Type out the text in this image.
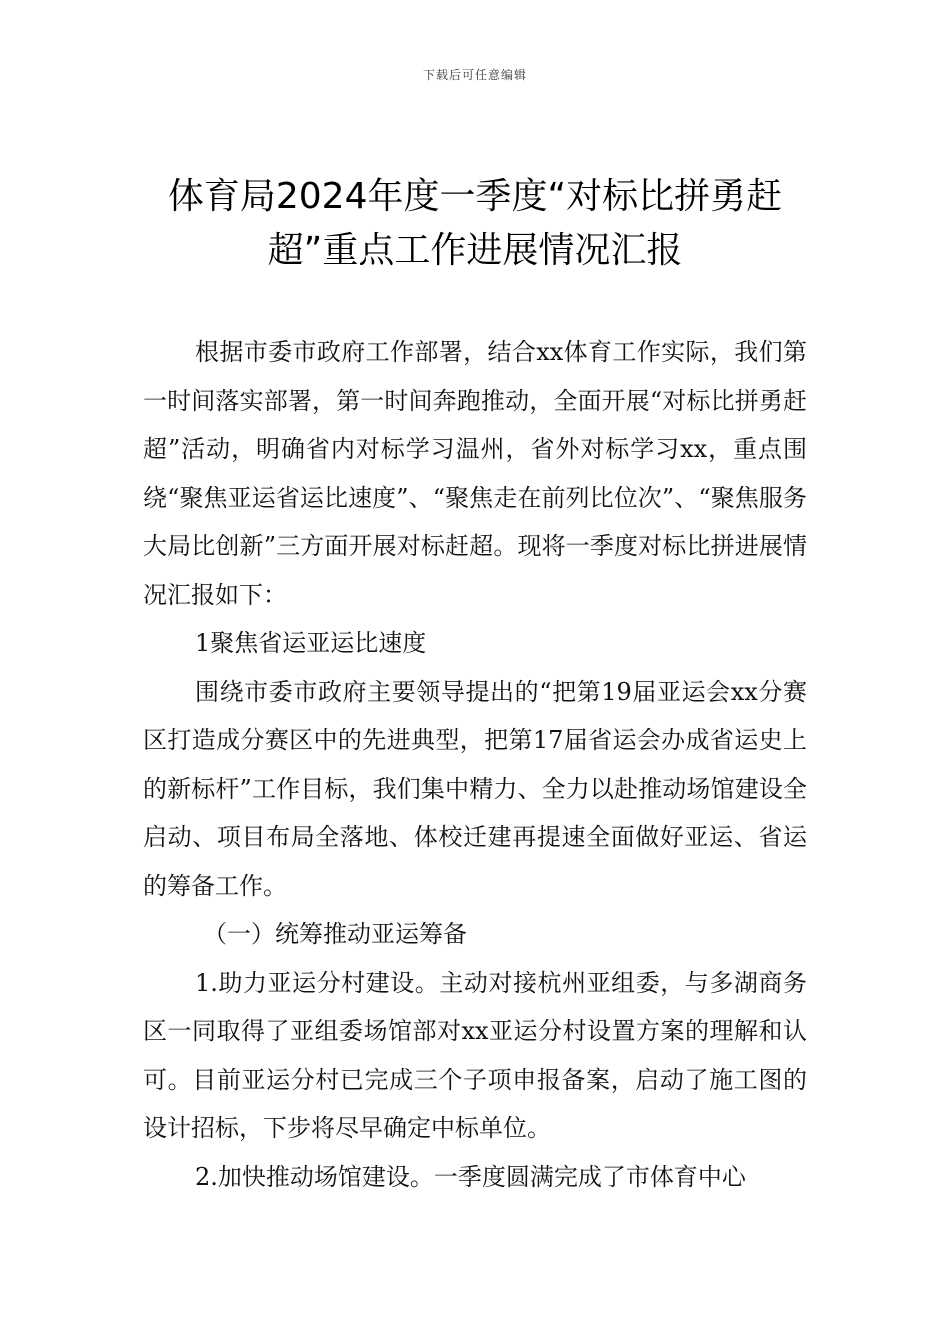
下载后可任意编辑
体育局2024年度一季度“对标比拼勇赶
超”重点工作进展情况汇报

根据市委市政府工作部署，结合xx体育工作实际，我们第一时间落实部署，第一时间奔跑推动，全面开展“对标比拼勇赶超”活动，明确省内对标学习温州，省外对标学习xx，重点围绕“聚焦亚运省运比速度”、“聚焦走在前列比位次”、“聚焦服务大局比创新”三方面开展对标赶超。现将一季度对标比拼进展情况汇报如下：

1聚焦省运亚运比速度

围绕市委市政府主要领导提出的“把第19届亚运会xx分赛区打造成分赛区中的先进典型，把第17届省运会办成省运史上的新标杆”工作目标，我们集中精力、全力以赴推动场馆建设全启动、项目布局全落地、体校迁建再提速全面做好亚运、省运的筹备工作。

（一）统筹推动亚运筹备

1.助力亚运分村建设。主动对接杭州亚组委，与多湖商务区一同取得了亚组委场馆部对xx亚运分村设置方案的理解和认可。目前亚运分村已完成三个子项申报备案，启动了施工图的设计招标，下步将尽早确定中标单位。

2.加快推动场馆建设。一季度圆满完成了市体育中心
